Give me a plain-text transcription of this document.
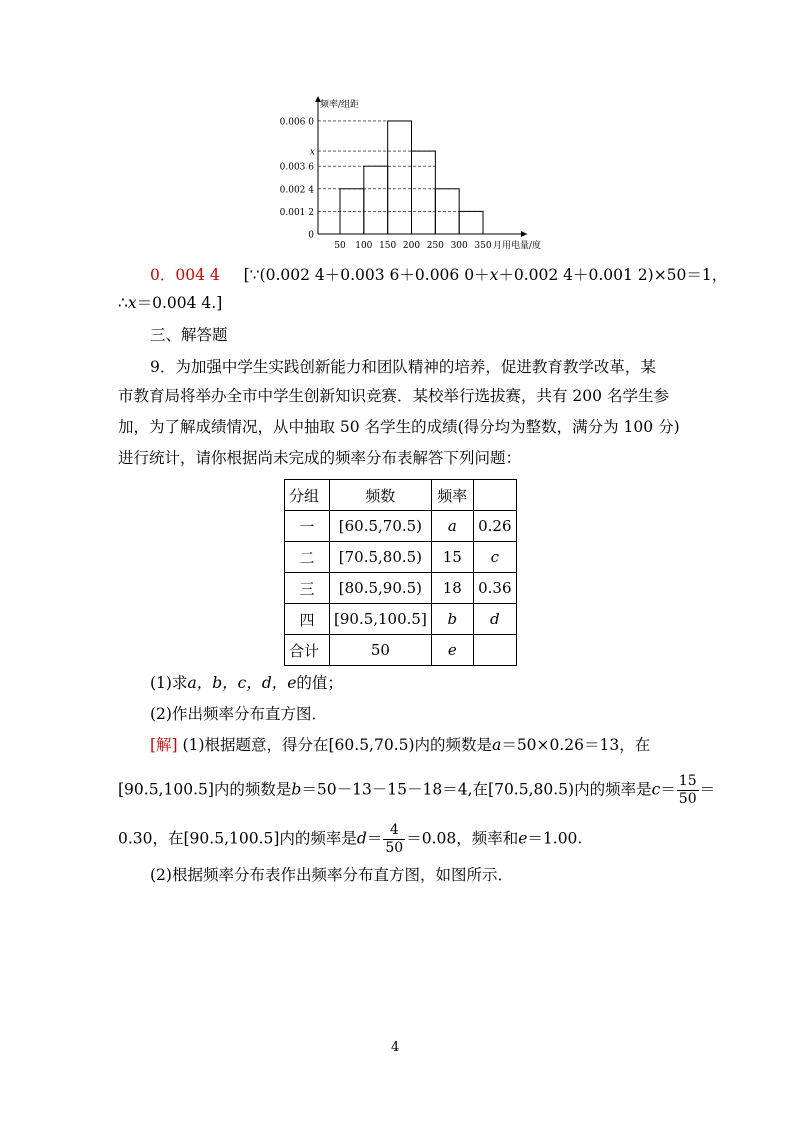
0
0.001 2
0.002 4
0.003 6
x
0.006 0
50 100 150 200 250 300 350
频率/组距
月用电量/度
0．004 4 [∵(0.002 4＋0.003 6＋0.006 0＋x＋0.002 4＋0.001 2)×50＝1，
∴x＝0.004 4.]
三、解答题
9．为加强中学生实践创新能力和团队精神的培养，促进教育教学改革，某
市教育局将举办全市中学生创新知识竞赛．某校举行选拔赛，共有 200 名学生参
加，为了解成绩情况，从中抽取 50 名学生的成绩(得分均为整数，满分为 100 分)
进行统计，请你根据尚未完成的频率分布表解答下列问题：
分组	频数	频率	
一	[60.5,70.5)	a	0.26
二	[70.5,80.5)	15	c
三	[80.5,90.5)	18	0.36
四	[90.5,100.5]	b	d
合计	50	e	
(1)求a，b，c，d，e的值；
(2)作出频率分布直方图．
[解] (1)根据题意，得分在[60.5,70.5)内的频数是a＝50×0.26＝13，在
[90.5,100.5]内的频数是b＝50－13－15－18＝4,在[70.5,80.5)内的频率是$c= \frac{15}{50}$ ＝
0.30，在[90.5,100.5]内的频率是$d= \frac{4}{50} =0.08$，频率和e＝1.00.
(2)根据频率分布表作出频率分布直方图，如图所示．
4
